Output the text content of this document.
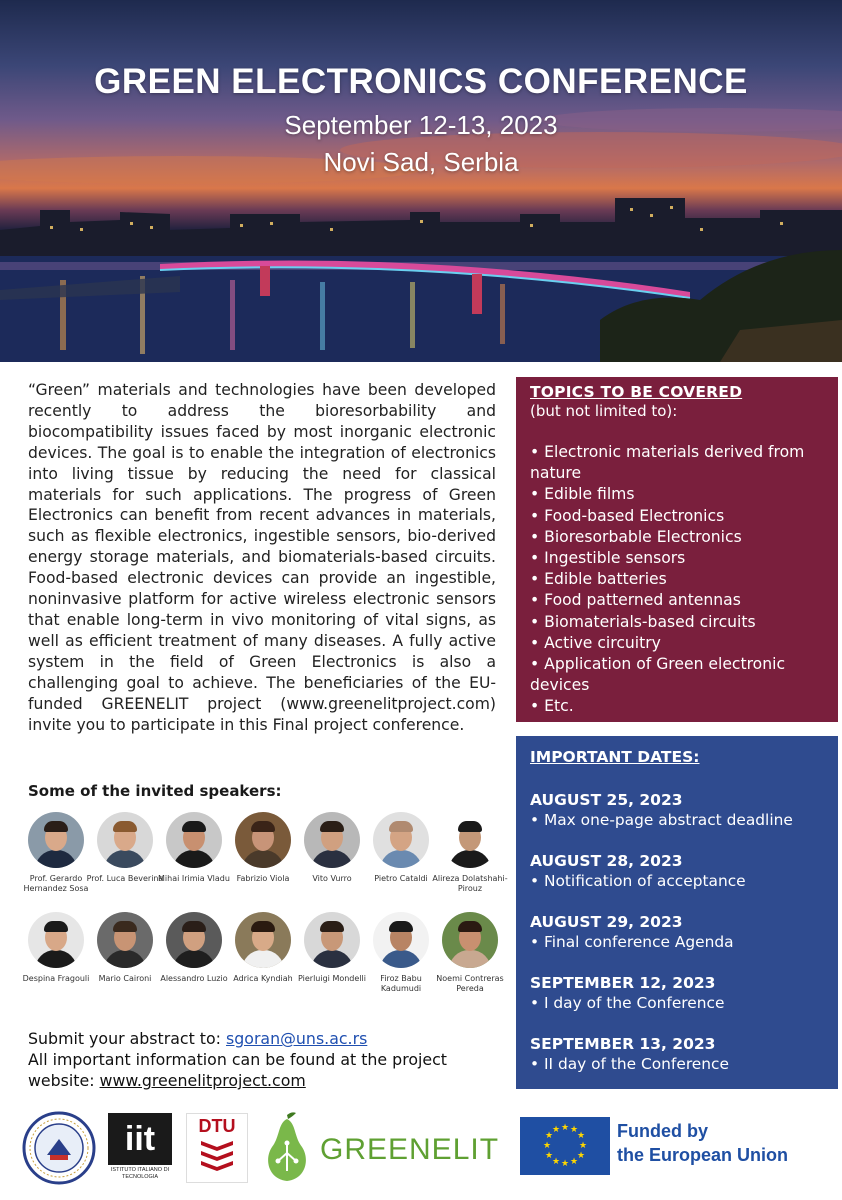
GREEN ELECTRONICS CONFERENCE
September 12-13, 2023
Novi Sad, Serbia

“Green” materials and technologies have been developed recently to address the bioresorbability and biocompatibility issues faced by most inorganic electronic devices. The goal is to enable the integration of electronics into living tissue by reducing the need for classical materials for such applications. The progress of Green Electronics can benefit from recent advances in materials, such as flexible electronics, ingestible sensors, bio-derived energy storage materials, and biomaterials-based circuits. Food-based electronic devices can provide an ingestible, noninvasive platform for active wireless electronic sensors that enable long-term in vivo monitoring of vital signs, as well as efficient treatment of many diseases. A fully active system in the field of Green Electronics is also a challenging goal to achieve. The beneficiaries of the EU-funded GREENELIT project (www.greenelitproject.com) invite you to participate in this Final project conference.

TOPICS TO BE COVERED
(but not limited to):
• Electronic materials derived from nature
• Edible films
• Food-based Electronics
• Bioresorbable Electronics
• Ingestible sensors
• Edible batteries
• Food patterned antennas
• Biomaterials-based circuits
• Active circuitry
• Application of Green electronic devices
• Etc.
IMPORTANT DATES:
AUGUST 25, 2023
• Max one-page abstract deadline
AUGUST 28, 2023
• Notification of acceptance
AUGUST 29, 2023
• Final conference Agenda
SEPTEMBER 12, 2023
• I day of the Conference
SEPTEMBER 13, 2023
• II day of the Conference
Some of the invited speakers:
Prof. Gerardo Hernandez Sosa
Prof. Luca Beverina
Mihai Irimia Vladu Fabrizio Viola	Vito Vurro	Pietro Cataldi Alireza Dolatshahi-Pirouz
Despina Fragouli	Mario Caironi	Alessandro Luzio Adrica Kyndiah Pierluigi Mondelli	Firoz Babu Kadumudi
Noemi Contreras Pereda
Submit your abstract to: sgoran@uns.ac.rs
All important information can be found at the project website: www.greenelitproject.com
iit
ISTITUTO ITALIANO DI TECNOLOGIA
DTU
GREENELIT
★ ★
★
★
★
★
★
★
★
★
★
★	Funded by
the European Union
